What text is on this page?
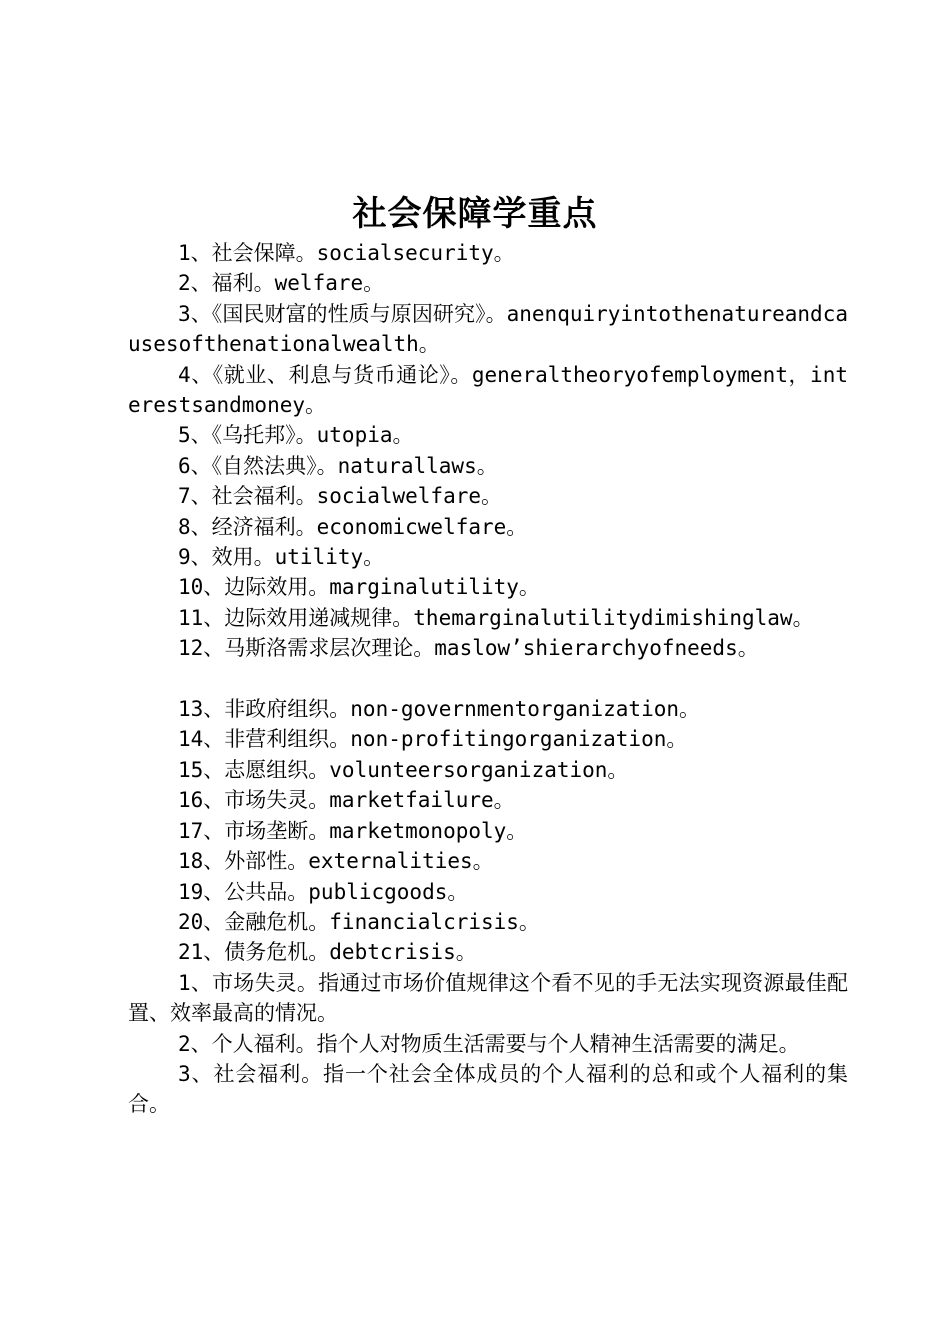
社会保障学重点

1、社会保障。socialsecurity。

2、福利。welfare。

3、《国民财富的性质与原因研究》。anenquiryintothenatureandcausesofthenationalwealth。

4、《就业、利息与货币通论》。generaltheoryofemployment，interestsandmoney。

5、《乌托邦》。utopia。

6、《自然法典》。naturallaws。

7、社会福利。socialwelfare。

8、经济福利。economicwelfare。

9、效用。utility。

10、边际效用。marginalutility。

11、边际效用递减规律。themarginalutilitydimishinglaw。

12、马斯洛需求层次理论。maslow’shierarchyofneeds。

13、非政府组织。non-governmentorganization。

14、非营利组织。non-profitingorganization。

15、志愿组织。volunteersorganization。

16、市场失灵。marketfailure。

17、市场垄断。marketmonopoly。

18、外部性。externalities。

19、公共品。publicgoods。

20、金融危机。financialcrisis。

21、债务危机。debtcrisis。

1、市场失灵。指通过市场价值规律这个看不见的手无法实现资源最佳配置、效率最高的情况。

2、个人福利。指个人对物质生活需要与个人精神生活需要的满足。

3、社会福利。指一个社会全体成员的个人福利的总和或个人福利的集合。
